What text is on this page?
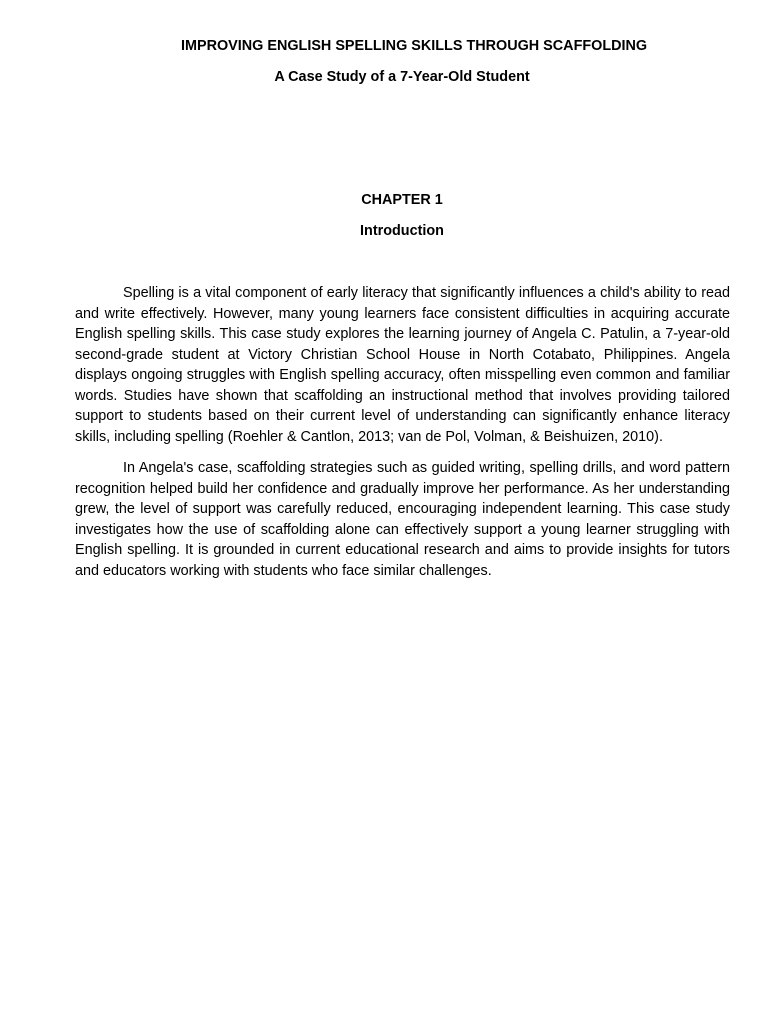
IMPROVING ENGLISH SPELLING SKILLS THROUGH SCAFFOLDING
A Case Study of a 7-Year-Old Student
CHAPTER 1
Introduction

Spelling is a vital component of early literacy that significantly influences a child's ability to read and write effectively. However, many young learners face consistent difficulties in acquiring accurate English spelling skills. This case study explores the learning journey of Angela C. Patulin, a 7-year-old second-grade student at Victory Christian School House in North Cotabato, Philippines. Angela displays ongoing struggles with English spelling accuracy, often misspelling even common and familiar words. Studies have shown that scaffolding an instructional method that involves providing tailored support to students based on their current level of understanding can significantly enhance literacy skills, including spelling (Roehler & Cantlon, 2013; van de Pol, Volman, & Beishuizen, 2010).

In Angela's case, scaffolding strategies such as guided writing, spelling drills, and word pattern recognition helped build her confidence and gradually improve her performance. As her understanding grew, the level of support was carefully reduced, encouraging independent learning. This case study investigates how the use of scaffolding alone can effectively support a young learner struggling with English spelling. It is grounded in current educational research and aims to provide insights for tutors and educators working with students who face similar challenges.
